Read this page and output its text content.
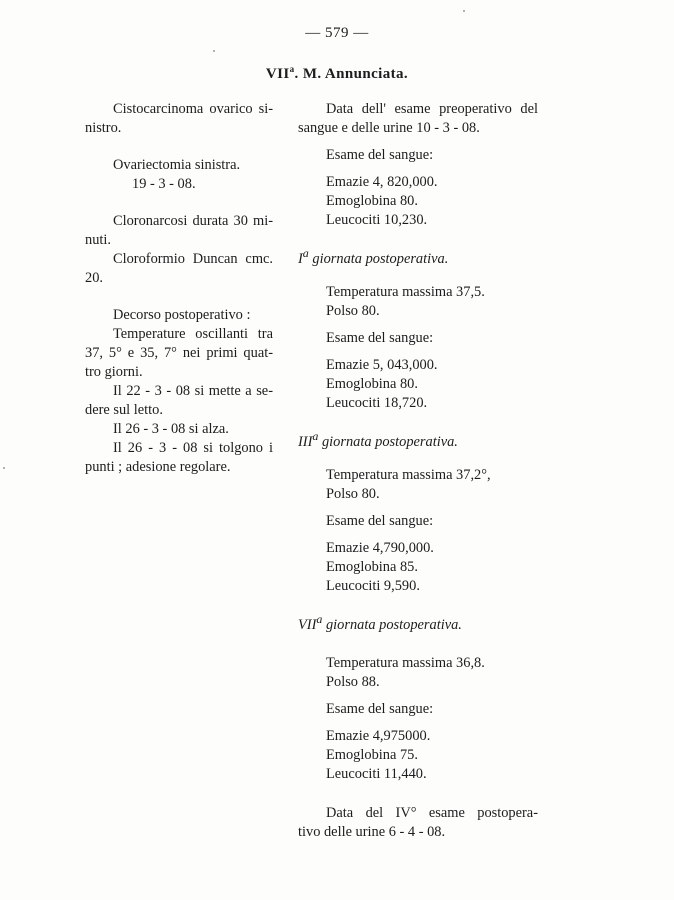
— 579 —
VII$^a$. M. Annunciata.

Cistocarcinoma ovarico si-

nistro.

Ovariectomia sinistra.

19 - 3 - 08.

Cloronarcosi durata 30 mi-

nuti.

Cloroformio Duncan cmc.

20.

Decorso postoperativo :

Temperature oscillanti tra

37, 5° e 35, 7° nei primi quat-

tro giorni.

Il 22 - 3 - 08 si mette a se-

dere sul letto.

Il 26 - 3 - 08 si alza.

Il 26 - 3 - 08 si tolgono i

punti ; adesione regolare.

Data dell' esame preoperativo del

sangue e delle urine 10 - 3 - 08.

Esame del sangue:

Emazie 4, 820,000.

Emoglobina 80.

Leucociti 10,230.

$I^a$ giornata postoperativa.

Temperatura massima 37,5.

Polso 80.

Esame del sangue:

Emazie 5, 043,000.

Emoglobina 80.

Leucociti 18,720.

III$^a$ giornata postoperativa.

Temperatura massima 37,2°,

Polso 80.

Esame del sangue:

Emazie 4,790,000.

Emoglobina 85.

Leucociti 9,590.

VII$^a$ giornata postoperativa.

Temperatura massima 36,8.

Polso 88.

Esame del sangue:

Emazie 4,975000.

Emoglobina 75.

Leucociti 11,440.

Data del IV° esame postopera-

tivo delle urine 6 - 4 - 08.
